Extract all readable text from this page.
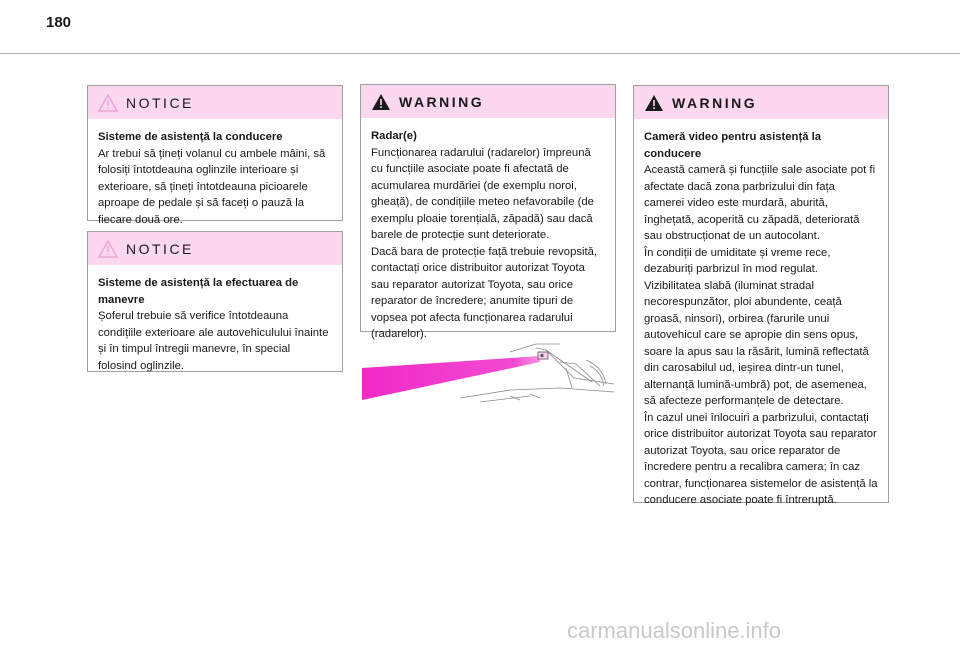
180
NOTICE

Sisteme de asistență la conducere

Ar trebui să țineți volanul cu ambele mâini, să folosiți întotdeauna oglinzile interioare și exterioare, să țineți întotdeauna picioarele aproape de pedale și să faceți o pauză la fiecare două ore.

NOTICE

Sisteme de asistență la efectuarea de manevre

Șoferul trebuie să verifice întotdeauna condițiile exterioare ale autovehiculului înainte și în timpul întregii manevre, în special folosind oglinzile.

WARNING

Radar(e)

Funcționarea radarului (radarelor) împreună cu funcțiile asociate poate fi afectată de acumularea murdăriei (de exemplu noroi, gheață), de condițiile meteo nefavorabile (de exemplu ploaie torențială, zăpadă) sau dacă barele de protecție sunt deteriorate.

Dacă bara de protecție față trebuie revopsită, contactați orice distribuitor autorizat Toyota sau reparator autorizat Toyota, sau orice reparator de încredere; anumite tipuri de vopsea pot afecta funcționarea radarului (radarelor).

WARNING

Cameră video pentru asistență la conducere

Această cameră și funcțiile sale asociate pot fi afectate dacă zona parbrizului din fața camerei video este murdară, aburită, înghețată, acoperită cu zăpadă, deteriorată sau obstrucționat de un autocolant.

În condiții de umiditate și vreme rece, dezaburiți parbrizul în mod regulat.

Vizibilitatea slabă (iluminat stradal necorespunzător, ploi abundente, ceață groasă, ninsori), orbirea (farurile unui autovehicul care se apropie din sens opus, soare la apus sau la răsărit, lumină reflectată din carosabilul ud, ieșirea dintr-un tunel, alternanță lumină-umbră) pot, de asemenea, să afecteze performanțele de detectare.

În cazul unei înlocuiri a parbrizului, contactați orice distribuitor autorizat Toyota sau reparator autorizat Toyota, sau orice reparator de încredere pentru a recalibra camera; în caz contrar, funcționarea sistemelor de asistență la conducere asociate poate fi întreruptă.

carmanualsonline.info
